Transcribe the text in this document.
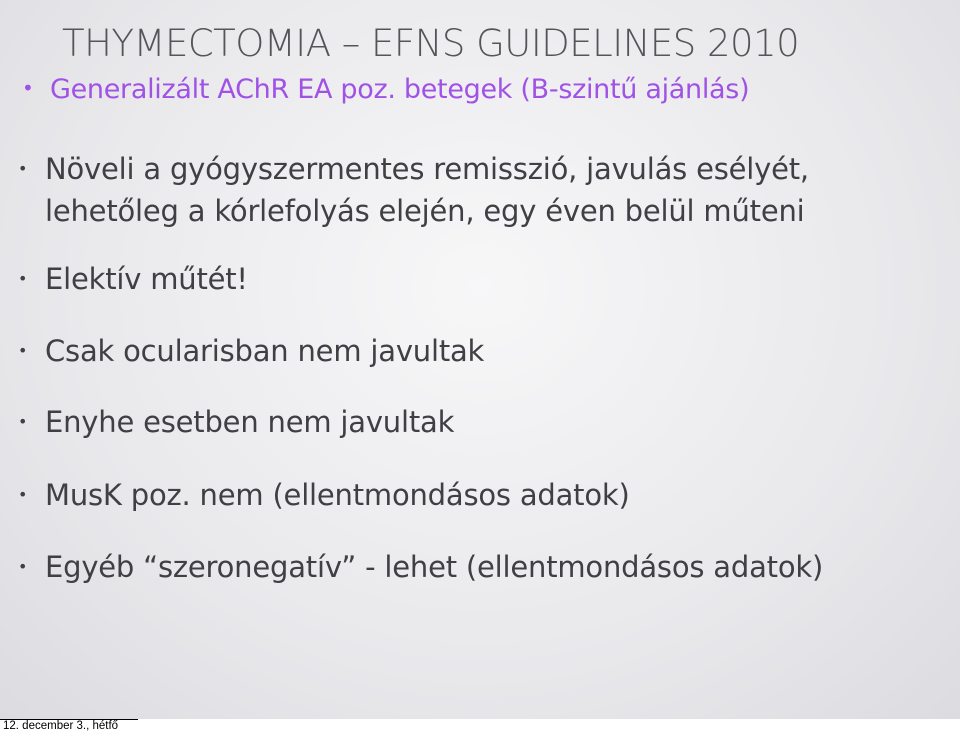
THYMECTOMIA – EFNS GUIDELINES 2010
• Generalizált AChR EA poz. betegek (B-szintű ajánlás)
• Növeli a gyógyszermentes remisszió, javulás esélyét, lehetőleg a kórlefolyás elején, egy éven belül műteni
• Elektív műtét!
• Csak ocularisban nem javultak
• Enyhe esetben nem javultak
• MusK poz. nem (ellentmondásos adatok)
• Egyéb “szeronegatív” - lehet (ellentmondásos adatok)
12. december 3., hétfő
